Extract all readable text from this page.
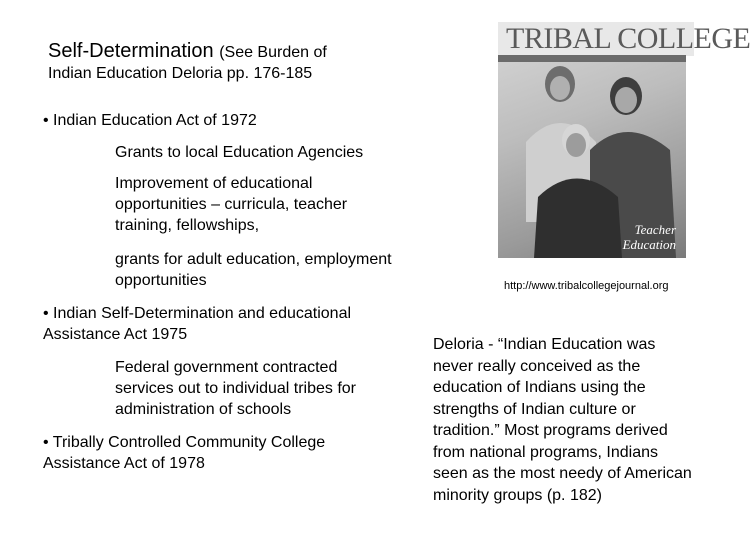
Self-Determination (See Burden of
Indian Education Deloria pp. 176-185
• Indian Education Act of 1972
Grants to local Education Agencies
Improvement of educational opportunities – curricula, teacher training, fellowships,
grants for adult education, employment opportunities
• Indian Self-Determination and educational Assistance Act 1975
Federal government contracted services out to individual tribes for administration of schools
• Tribally Controlled Community College Assistance Act of 1978
TRIBAL COLLEGE
Teacher
Education
http://www.tribalcollegejournal.org
Deloria - “Indian Education was never really conceived as the education of Indians using the strengths of Indian culture or tradition.” Most programs derived from national programs, Indians seen as the most needy of American minority groups (p. 182)
